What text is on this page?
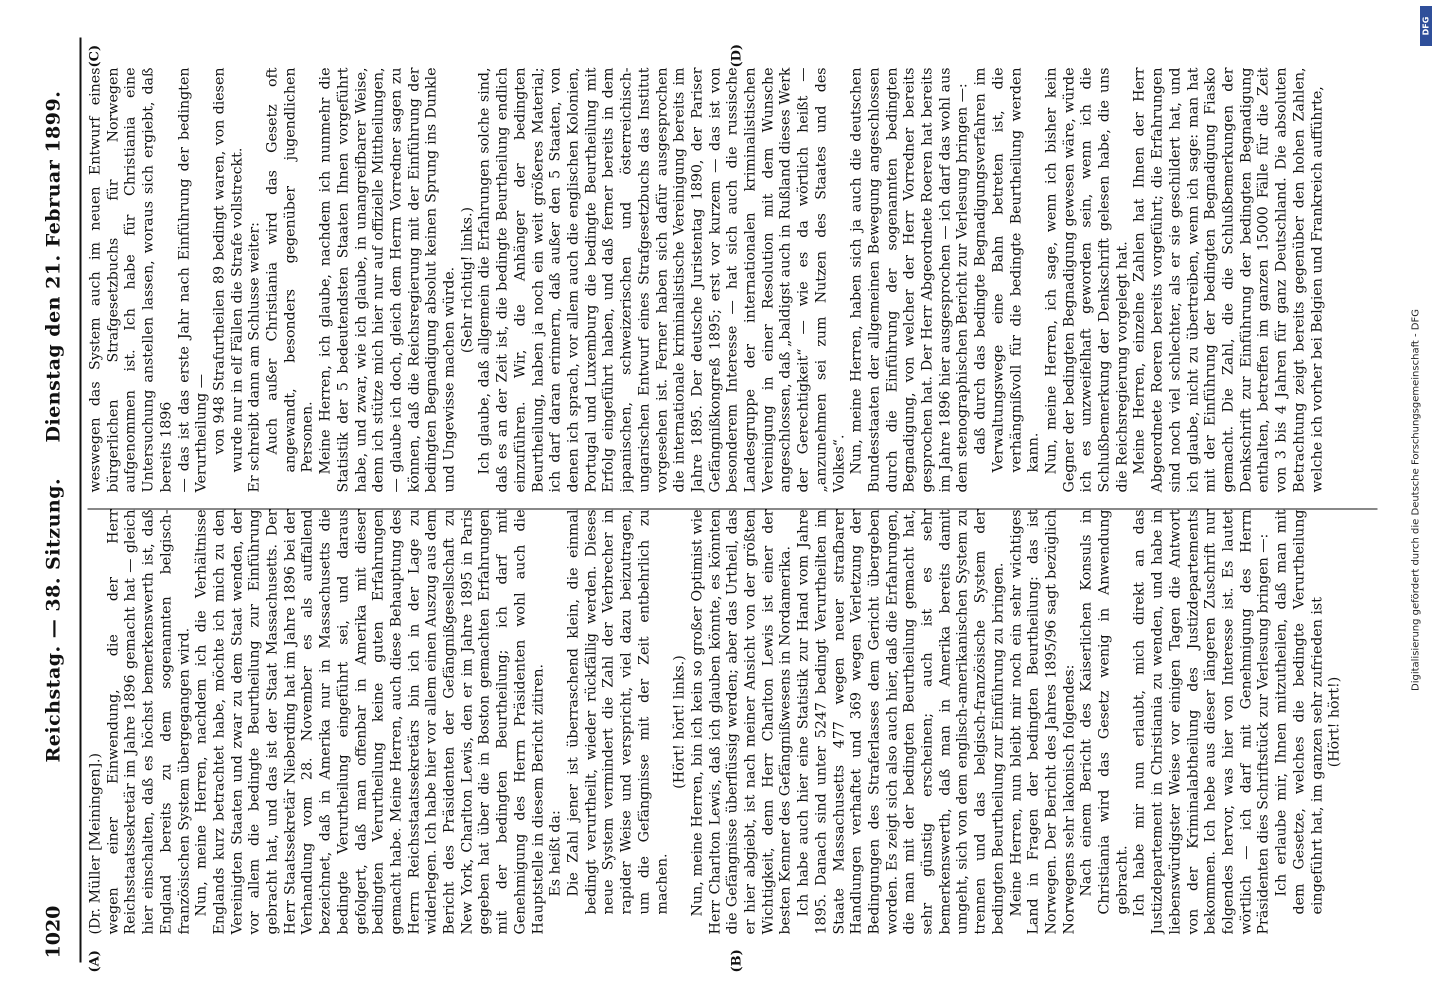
1020
Reichstag. — 38. Sitzung.
Dienstag den 21. Februar 1899.
(A)	(B)
(C)	(D)

(Dr. Müller [Meiningen].) wegen einer Einwendung, die der Herr Reichsstaatssekretär im Jahre 1896 gemacht hat — gleich hier einschalten, daß es höchst bemerkenswerth ist, daß England bereits zu dem sogenannten belgisch-französischen System übergegangen wird. Nun, meine Herren, nachdem ich die Verhältnisse Englands kurz betrachtet habe, möchte ich mich zu den Vereinigten Staaten und zwar zu dem Staat wenden, der vor allem die bedingte Beurtheilung zur Einführung gebracht hat, und das ist der Staat Massachusetts. Der Herr Staatssekretär Nieberding hat im Jahre 1896 bei der Verhandlung vom 28. November es als auffallend bezeichnet, daß in Amerika nur in Massachusetts die bedingte Verurtheilung eingeführt sei, und daraus gefolgert, daß man offenbar in Amerika mit dieser bedingten Verurtheilung keine guten Erfahrungen gemacht habe. Meine Herren, auch diese Behauptung des Herrn Reichsstaatssekretärs bin ich in der Lage zu widerlegen. Ich habe hier vor allem einen Auszug aus dem Bericht des Präsidenten der Gefängnißgesellschaft zu New York, Charlton Lewis, den er im Jahre 1895 in Paris gegeben hat über die in Boston gemachten Erfahrungen mit der bedingten Beurtheilung; ich darf mit Genehmigung des Herrn Präsidenten wohl auch die Hauptstelle in diesem Bericht zitiren. Es heißt da: Die Zahl jener ist überraschend klein, die einmal bedingt verurtheilt, wieder rückfällig werden. Dieses neue System vermindert die Zahl der Verbrecher in rapider Weise und verspricht, viel dazu beizutragen, um die Gefängnisse mit der Zeit entbehrlich zu machen.

(Hört! hört! links.) Nun, meine Herren, bin ich kein so großer Optimist wie Herr Charlton Lewis, daß ich glauben könnte, es könnten die Gefängnisse überflüssig werden; aber das Urtheil, das er hier abgiebt, ist nach meiner Ansicht von der größten Wichtigkeit, denn Herr Charlton Lewis ist einer der besten Kenner des Gefängnißwesens in Nordamerika. Ich habe auch hier eine Statistik zur Hand vom Jahre 1895. Danach sind unter 5247 bedingt Verurtheilten im Staate Massachusetts 477 wegen neuer strafbarer Handlungen verhaftet und 369 wegen Verletzung der Bedingungen des Straferlasses dem Gericht übergeben worden. Es zeigt sich also auch hier, daß die Erfahrungen, die man mit der bedingten Beurtheilung gemacht hat, sehr günstig erscheinen; auch ist es sehr bemerkenswerth, daß man in Amerika bereits damit umgeht, sich von dem englisch-amerikanischen System zu trennen und das belgisch-französische System der bedingten Beurtheilung zur Einführung zu bringen. Meine Herren, nun bleibt mir noch ein sehr wichtiges Land in Fragen der bedingten Beurtheilung: das ist Norwegen. Der Bericht des Jahres 1895/96 sagt bezüglich Norwegens sehr lakonisch folgendes: Nach einem Bericht des Kaiserlichen Konsuls in Christiania wird das Gesetz wenig in Anwendung gebracht. Ich habe mir nun erlaubt, mich direkt an das Justizdepartement in Christiania zu wenden, und habe in liebenswürdigster Weise vor einigen Tagen die Antwort von der Kriminalabtheilung des Justizdepartements bekommen. Ich hebe aus dieser längeren Zuschrift nur folgendes hervor, was hier von Interesse ist. Es lautet wörtlich — ich darf mit Genehmigung des Herrn Präsidenten dies Schriftstück zur Verlesung bringen —: Ich erlaube mir, Ihnen mitzutheilen, daß man mit dem Gesetze, welches die bedingte Verurtheilung eingeführt hat, im ganzen sehr zufrieden ist (Hört! hört!)

weswegen das System auch im neuen Entwurf eines bürgerlichen Strafgesetzbuchs für Norwegen aufgenommen ist. Ich habe für Christiania eine Untersuchung anstellen lassen, woraus sich ergiebt, daß bereits 1896 — das ist das erste Jahr nach Einführung der bedingten Verurtheilung — von 948 Strafurtheilen 89 bedingt waren, von diesen wurde nur in elf Fällen die Strafe vollstreckt. Er schreibt dann am Schlusse weiter: Auch außer Christiania wird das Gesetz oft angewandt, besonders gegenüber jugendlichen Personen. Meine Herren, ich glaube, nachdem ich nunmehr die Statistik der 5 bedeutendsten Staaten Ihnen vorgeführt habe, und zwar, wie ich glaube, in unangreifbarer Weise, denn ich stütze mich hier nur auf offizielle Mittheilungen, — glaube ich doch, gleich dem Herrn Vorredner sagen zu können, daß die Reichsregierung mit der Einführung der bedingten Begnadigung absolut keinen Sprung ins Dunkle und Ungewisse machen würde. (Sehr richtig! links.) Ich glaube, daß allgemein die Erfahrungen solche sind, daß es an der Zeit ist, die bedingte Beurtheilung endlich einzuführen. Wir, die Anhänger der bedingten Beurtheilung, haben ja noch ein weit größeres Material; ich darf daran erinnern, daß außer den 5 Staaten, von denen ich sprach, vor allem auch die englischen Kolonien, Portugal und Luxemburg die bedingte Beurtheilung mit Erfolg eingeführt haben, und daß ferner bereits in dem japanischen, schweizerischen und österreichisch-ungarischen Entwurf eines Strafgesetzbuchs das Institut vorgesehen ist. Ferner haben sich dafür ausgesprochen die internationale kriminalistische Vereinigung bereits im Jahre 1895. Der deutsche Juristentag 1890, der Pariser Gefängnißkongreß 1895; erst vor kurzem — das ist von besonderem Interesse — hat sich auch die russische Landesgruppe der internationalen kriminalistischen Vereinigung in einer Resolution mit dem Wunsche angeschlossen, daß „baldigst auch in Rußland dieses Werk der Gerechtigkeit“ — wie es da wörtlich heißt — „anzunehmen sei zum Nutzen des Staates und des Volkes“. Nun, meine Herren, haben sich ja auch die deutschen Bundesstaaten der allgemeinen Bewegung angeschlossen durch die Einführung der sogenannten bedingten Begnadigung, von welcher der Herr Vorredner bereits gesprochen hat. Der Herr Abgeordnete Roeren hat bereits im Jahre 1896 hier ausgesprochen — ich darf das wohl aus dem stenographischen Bericht zur Verlesung bringen —: daß durch das bedingte Begnadigungsverfahren im Verwaltungswege eine Bahn betreten ist, die verhängnißvoll für die bedingte Beurtheilung werden kann. Nun, meine Herren, ich sage, wenn ich bisher kein Gegner der bedingten Begnadigung gewesen wäre, würde ich es unzweifelhaft geworden sein, wenn ich die Schlußbemerkung der Denkschrift gelesen habe, die uns die Reichsregierung vorgelegt hat. Meine Herren, einzelne Zahlen hat Ihnen der Herr Abgeordnete Roeren bereits vorgeführt; die Erfahrungen sind noch viel schlechter, als er sie geschildert hat, und ich glaube, nicht zu übertreiben, wenn ich sage: man hat mit der Einführung der bedingten Begnadigung Fiasko gemacht. Die Zahl, die die Schlußbemerkungen der Denkschrift zur Einführung der bedingten Begnadigung enthalten, betreffen im ganzen 15000 Fälle für die Zeit von 3 bis 4 Jahren für ganz Deutschland. Die absoluten Betrachtung zeigt bereits gegenüber den hohen Zahlen, welche ich vorher bei Belgien und Frankreich aufführte,

DFG
Digitalisierung gefördert durch die Deutsche Forschungsgemeinschaft - DFG
